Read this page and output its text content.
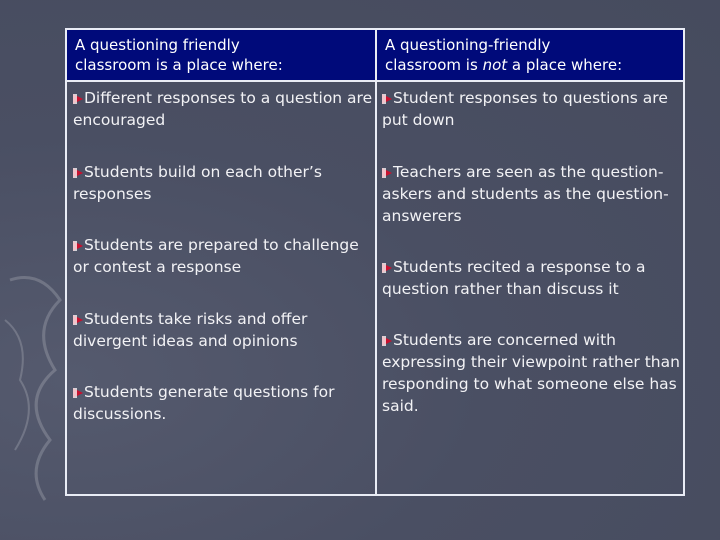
A questioning friendly
classroom is a place where:
A questioning-friendly
classroom is not a place where:
Different responses to a question are encouraged
Students build on each other’s responses
Students are prepared to challenge or contest a response
Students take risks and offer divergent ideas and opinions
Students generate questions for discussions.
Student responses to questions are put down
Teachers are seen as the question-askers and students as the question-answerers
Students recited a response to a question rather than discuss it
Students are concerned with expressing their viewpoint rather than responding to what someone else has said.
